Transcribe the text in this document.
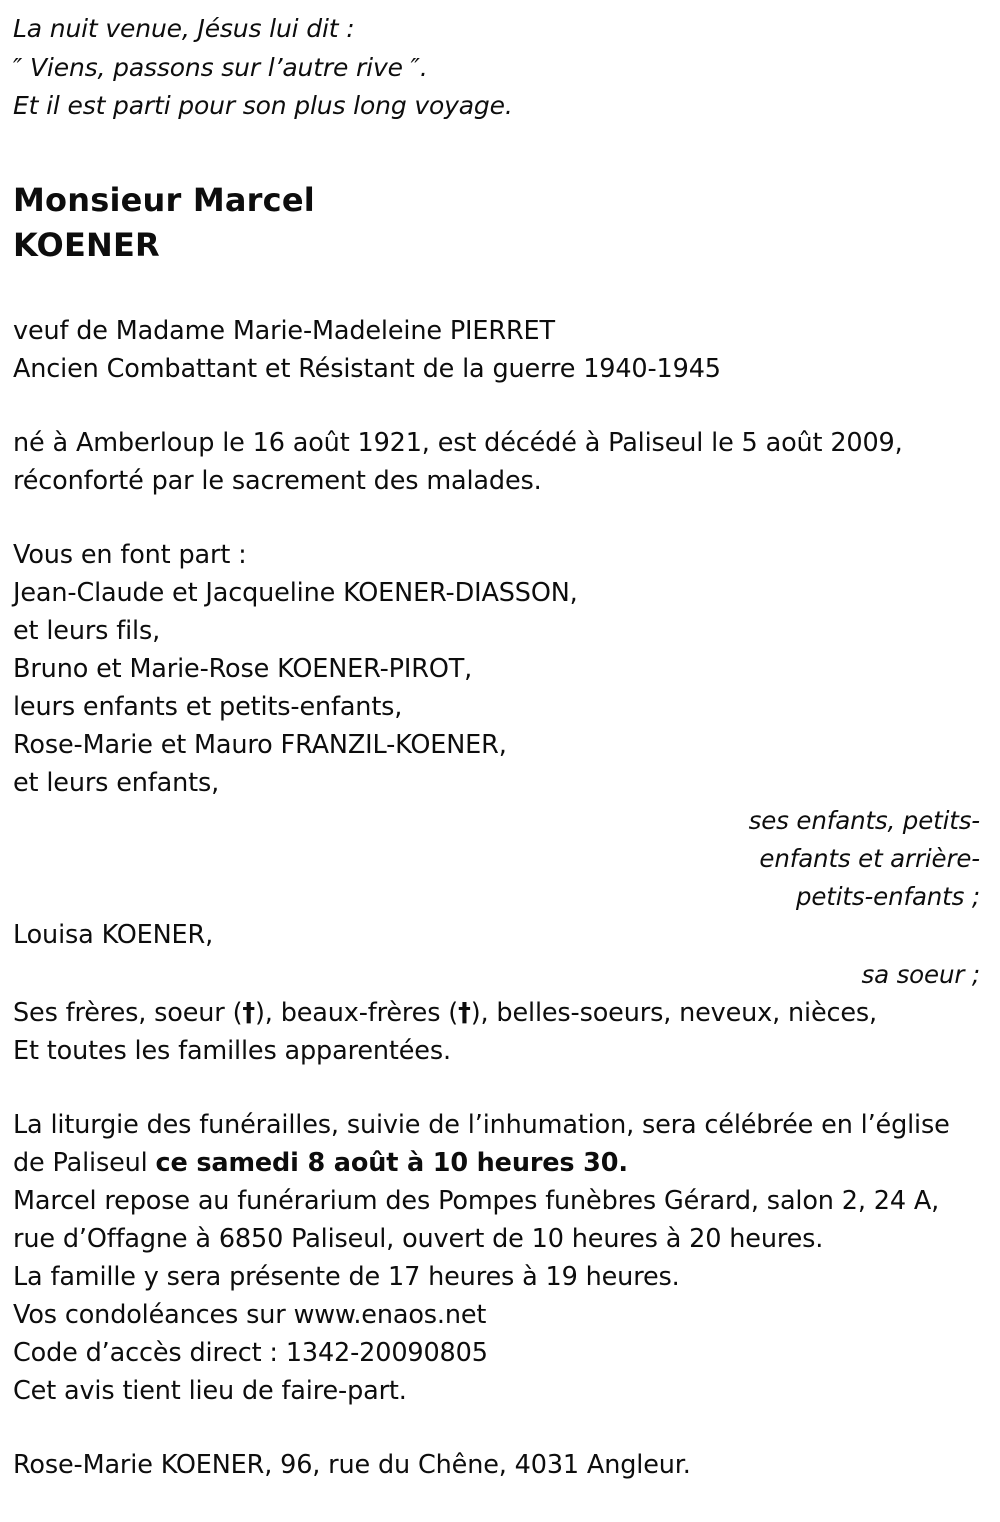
La nuit venue, Jésus lui dit :
″ Viens, passons sur l’autre rive ″.
Et il est parti pour son plus long voyage.
Monsieur Marcel
KOENER
veuf de Madame Marie-Madeleine PIERRET
Ancien Combattant et Résistant de la guerre 1940-1945
né à Amberloup le 16 août 1921, est décédé à Paliseul le 5 août 2009,
réconforté par le sacrement des malades.
Vous en font part :
Jean-Claude et Jacqueline KOENER-DIASSON,
et leurs fils,
Bruno et Marie-Rose KOENER-PIROT,
leurs enfants et petits-enfants,
Rose-Marie et Mauro FRANZIL-KOENER,
et leurs enfants,
ses enfants, petits-
enfants et arrière-
petits-enfants ;
Louisa KOENER,
sa soeur ;
Ses frères, soeur (†), beaux-frères (†), belles-soeurs, neveux, nièces,
Et toutes les familles apparentées.
La liturgie des funérailles, suivie de l’inhumation, sera célébrée en l’église
de Paliseul ce samedi 8 août à 10 heures 30.
Marcel repose au funérarium des Pompes funèbres Gérard, salon 2, 24 A,
rue d’Offagne à 6850 Paliseul, ouvert de 10 heures à 20 heures.
La famille y sera présente de 17 heures à 19 heures.
Vos condoléances sur www.enaos.net
Code d’accès direct : 1342-20090805
Cet avis tient lieu de faire-part.
Rose-Marie KOENER, 96, rue du Chêne, 4031 Angleur.
